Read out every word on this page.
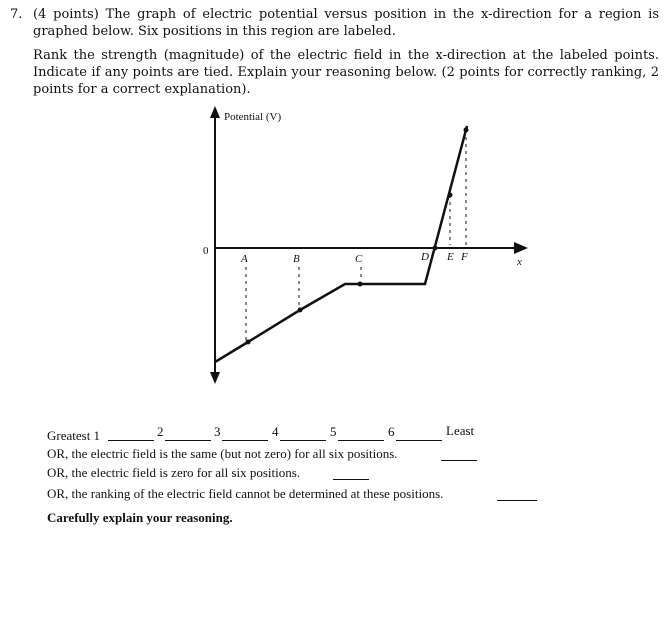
7. (4 points) The graph of electric potential versus position in the x-direction for a region is graphed below. Six positions in this region are labeled.
Rank the strength (magnitude) of the electric field in the x-direction at the labeled points. Indicate if any points are tied. Explain your reasoning below. (2 points for correctly ranking, 2 points for a correct explanation).
Potential (V)
0
x
A	B	C	D E F
Greatest 1	2	3	4	5	6	Least
OR, the electric field is the same (but not zero) for all six positions.
OR, the electric field is zero for all six positions.
OR, the ranking of the electric field cannot be determined at these positions.
Carefully explain your reasoning.
